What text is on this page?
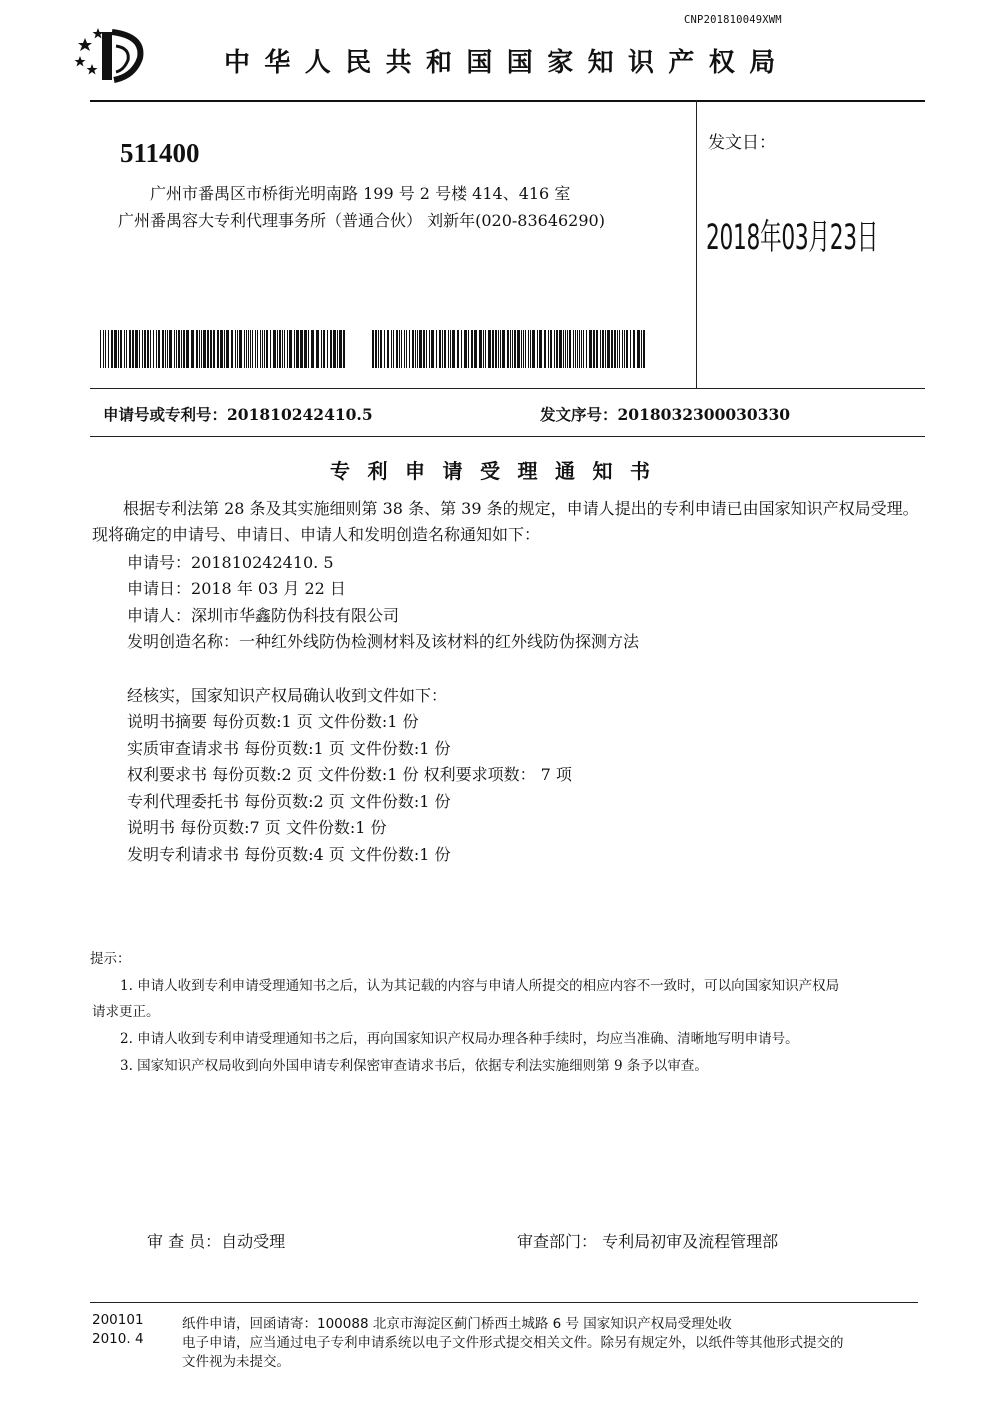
CNP201810049XWM
中华人民共和国国家知识产权局
511400
广州市番禺区市桥街光明南路 199 号 2 号楼 414、416 室
广州番禺容大专利代理事务所（普通合伙） 刘新年(020-83646290)
发文日：
2018年03月23日
申请号或专利号：201810242410.5	发文序号：2018032300030330
专利申请受理通知书
根据专利法第 28 条及其实施细则第 38 条、第 39 条的规定，申请人提出的专利申请已由国家知识产权局受理。现将确定的申请号、申请日、申请人和发明创造名称通知如下：
申请号：201810242410. 5
申请日：2018 年 03 月 22 日
申请人：深圳市华鑫防伪科技有限公司
发明创造名称：一种红外线防伪检测材料及该材料的红外线防伪探测方法
经核实，国家知识产权局确认收到文件如下：
说明书摘要 每份页数:1 页 文件份数:1 份
实质审查请求书 每份页数:1 页 文件份数:1 份
权利要求书 每份页数:2 页 文件份数:1 份 权利要求项数： 7 项
专利代理委托书 每份页数:2 页 文件份数:1 份
说明书 每份页数:7 页 文件份数:1 份
发明专利请求书 每份页数:4 页 文件份数:1 份
提示：
1. 申请人收到专利申请受理通知书之后，认为其记载的内容与申请人所提交的相应内容不一致时，可以向国家知识产权局
请求更正。
2. 申请人收到专利申请受理通知书之后，再向国家知识产权局办理各种手续时，均应当准确、清晰地写明申请号。
3. 国家知识产权局收到向外国申请专利保密审查请求书后，依据专利法实施细则第 9 条予以审查。
审 查 员：自动受理	审查部门： 专利局初审及流程管理部
200101
2010. 4
纸件申请，回函请寄：100088 北京市海淀区蓟门桥西土城路 6 号 国家知识产权局受理处收
电子申请，应当通过电子专利申请系统以电子文件形式提交相关文件。除另有规定外，以纸件等其他形式提交的
文件视为未提交。
